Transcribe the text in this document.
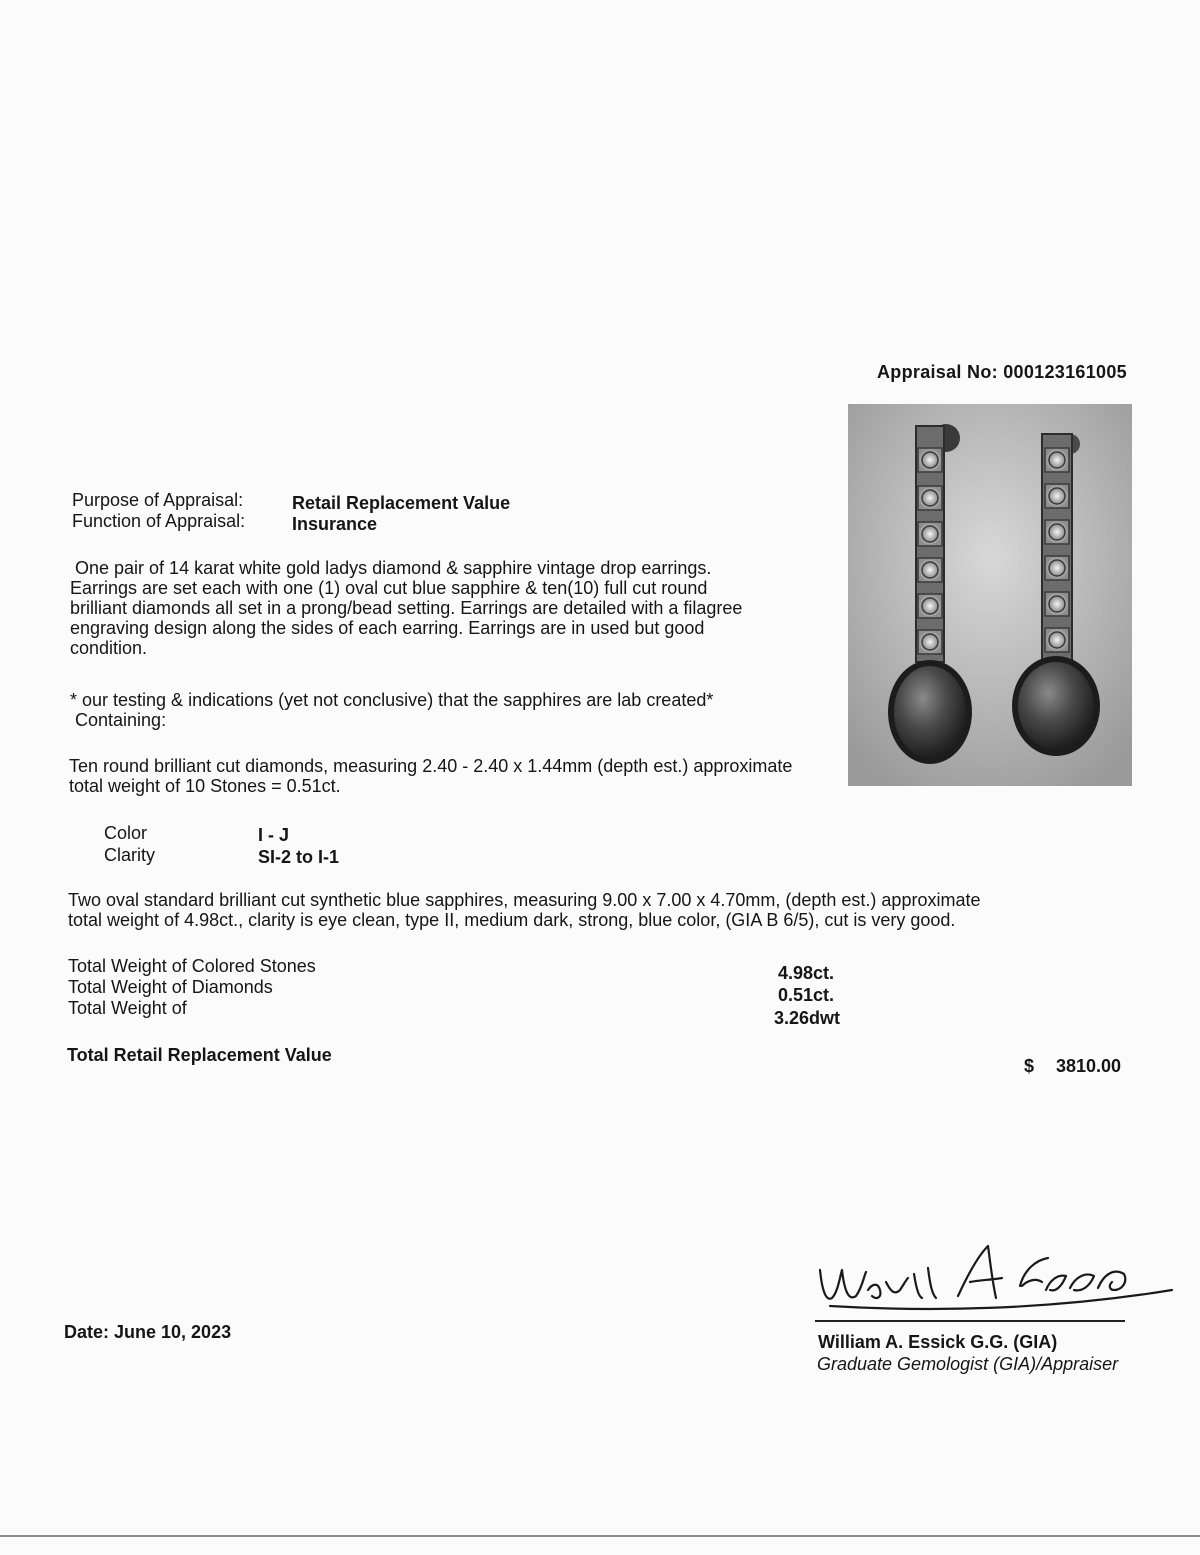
Appraisal No: 000123161005
Purpose of Appraisal:	Retail Replacement Value
Function of Appraisal:	Insurance
One pair of 14 karat white gold ladys diamond & sapphire vintage drop earrings.
Earrings are set each with one (1) oval cut blue sapphire & ten(10) full cut round
brilliant diamonds all set in a prong/bead setting. Earrings are detailed with a filagree
engraving design along the sides of each earring. Earrings are in used but good
condition.
* our testing & indications (yet not conclusive) that the sapphires are lab created*
Containing:
Ten round brilliant cut diamonds, measuring 2.40 - 2.40 x 1.44mm (depth est.) approximate
total weight of 10 Stones = 0.51ct.
Color	I - J
Clarity	SI-2 to I-1
Two oval standard brilliant cut synthetic blue sapphires, measuring 9.00 x 7.00 x 4.70mm, (depth est.) approximate
total weight of 4.98ct., clarity is eye clean, type II, medium dark, strong, blue color, (GIA B 6/5), cut is very good.
Total Weight of Colored Stones	4.98ct.
Total Weight of Diamonds	0.51ct.
Total Weight of	3.26dwt
Total Retail Replacement Value
$ 3810.00
Date: June 10, 2023	William A. Essick G.G. (GIA)
Graduate Gemologist (GIA)/Appraiser
